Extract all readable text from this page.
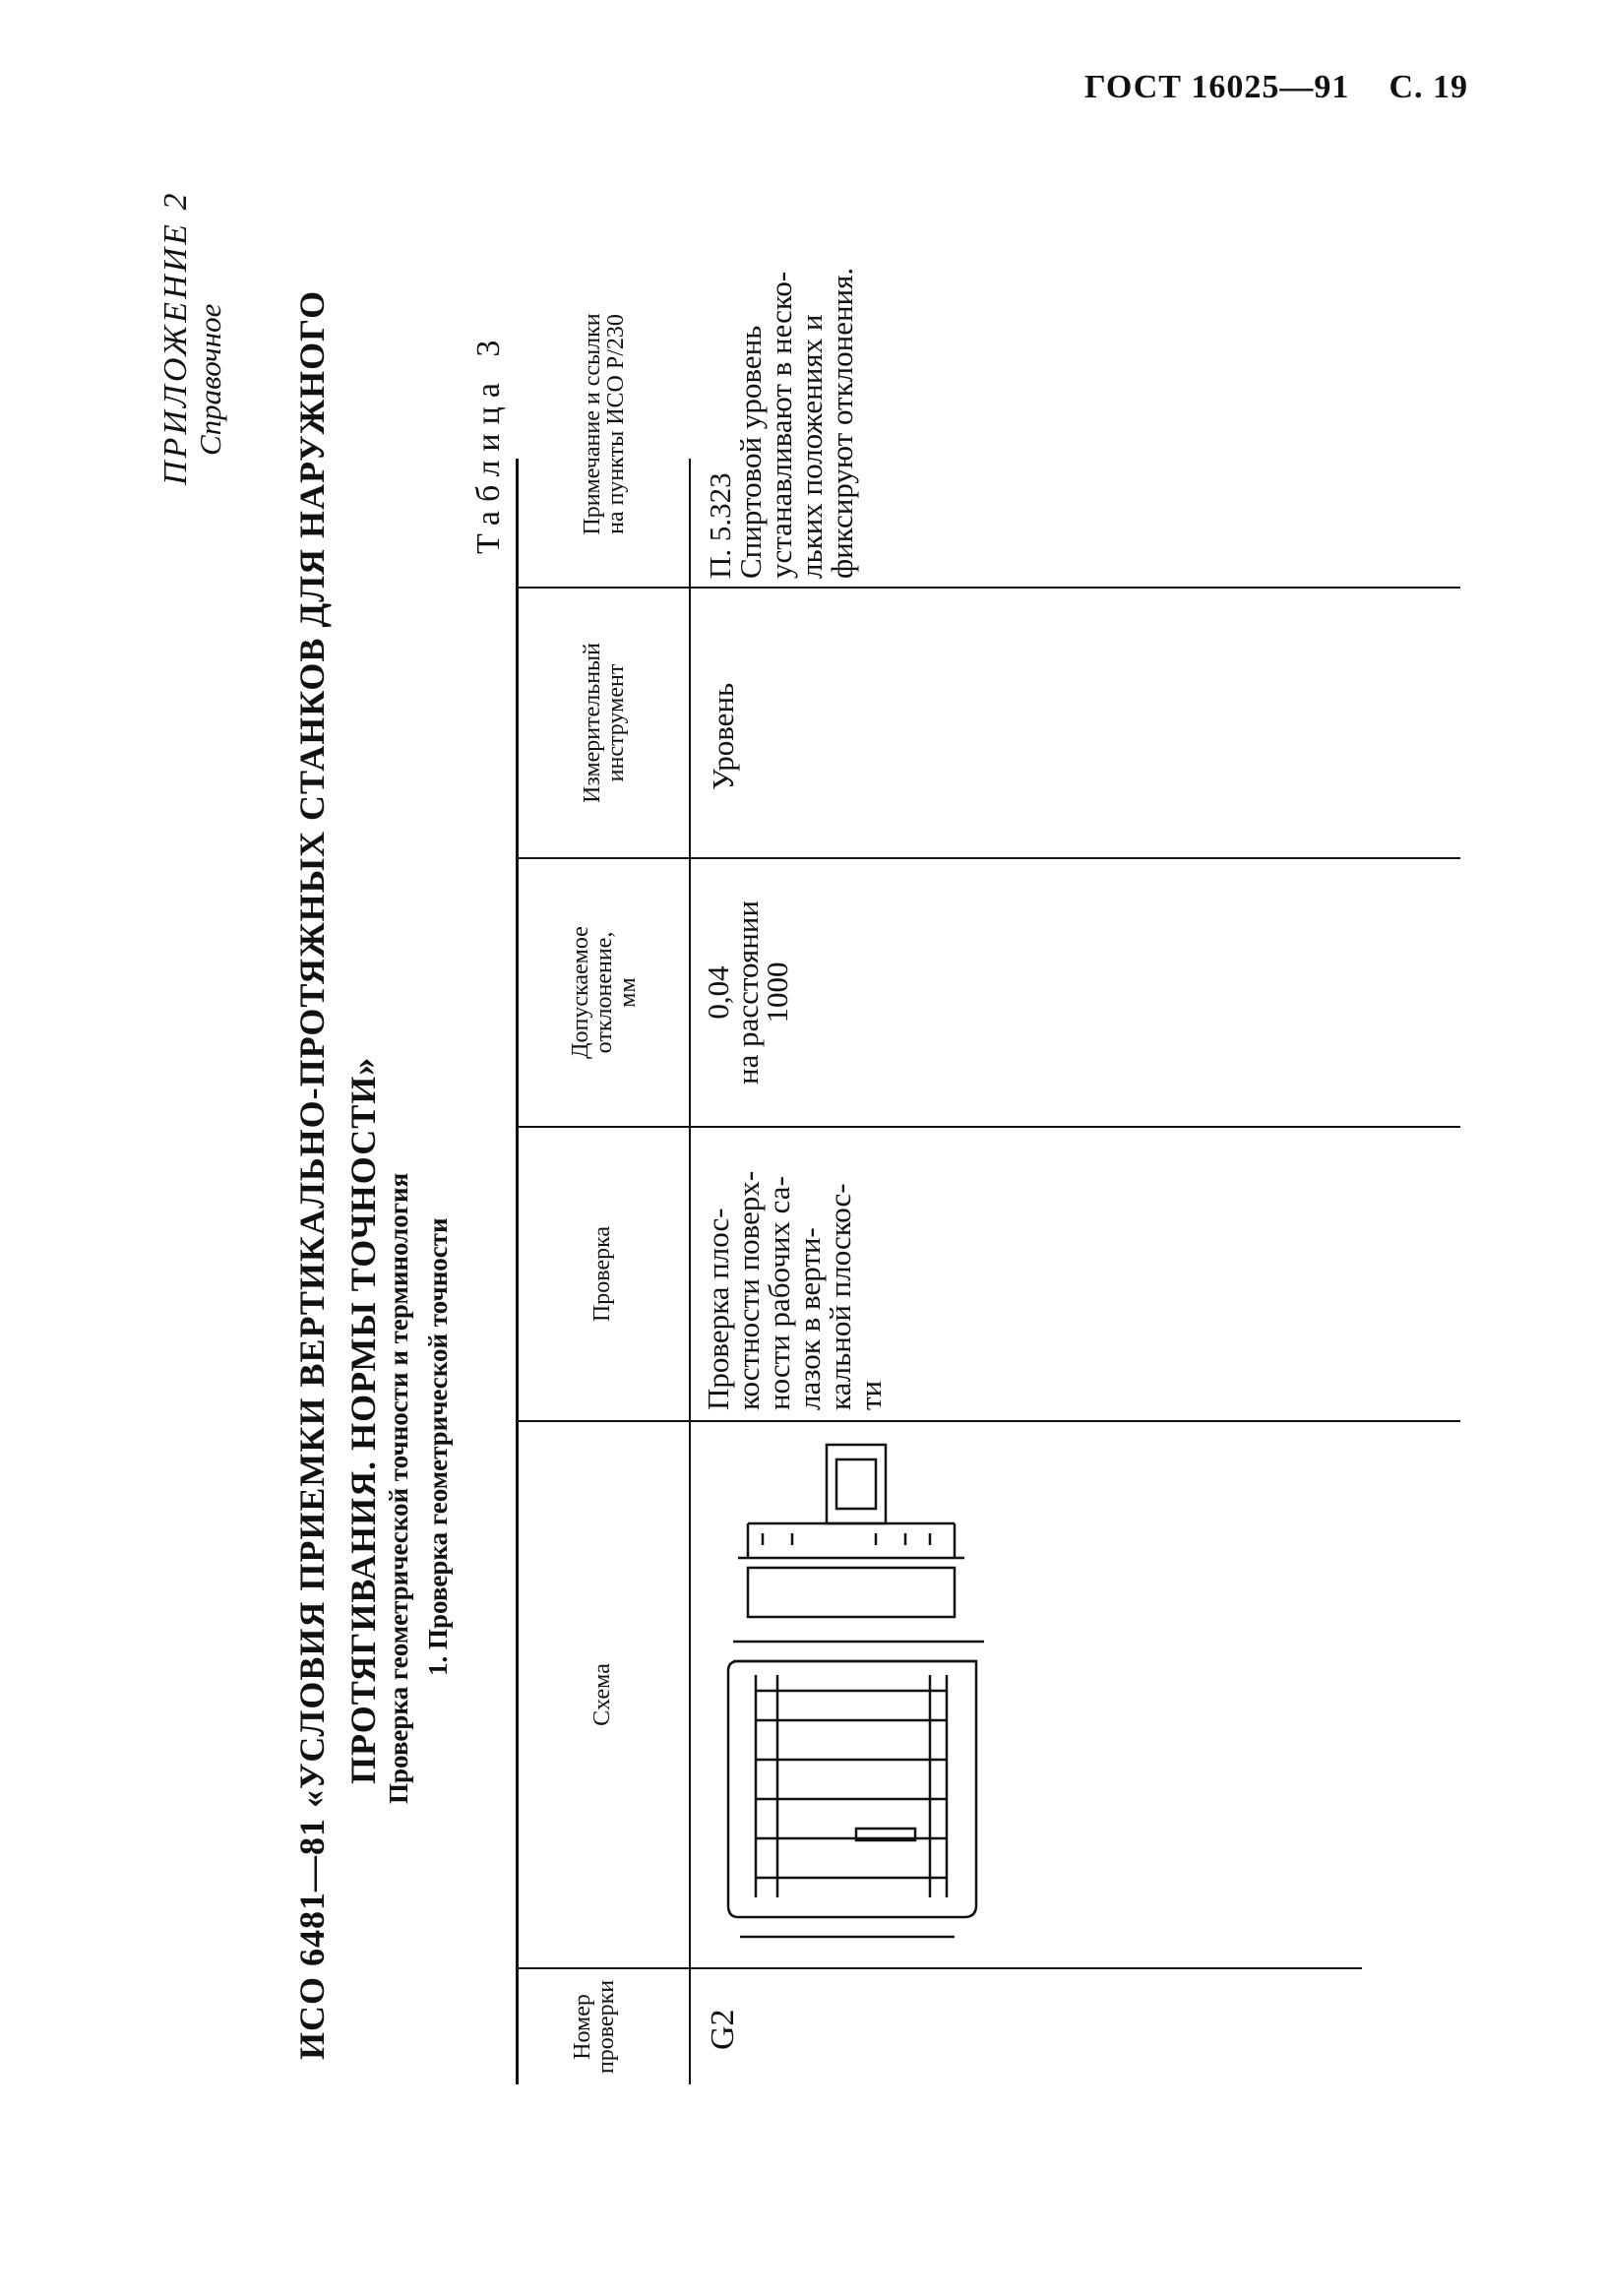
ГОСТ 16025—91 С. 19
ПРИЛОЖЕНИЕ 2 Справочное ИСО 6481—81 «УСЛОВИЯ ПРИЕМКИ ВЕРТИКАЛЬНО-ПРОТЯЖНЫХ СТАНКОВ ДЛЯ НАРУЖНОГО ПРОТЯГИВАНИЯ. НОРМЫ ТОЧНОСТИ» Проверка геометрической точности и терминология 1. Проверка геометрической точности
Таблица 3
Номер
проверки
Схема
Проверка
Допускаемое
отклонение,
мм
Измерительный
инструмент
Примечание и ссылки
на пункты ИСО Р/230
G2
Проверка плос-
костности поверх-
ности рабочих са-
лазок в верти-
кальной плоскос-
ти
0,04
на расстоянии
1000
Уровень
П. 5.323
Спиртовой уровень
устанавливают в неско-
льких положениях и
фиксируют отклонения.
